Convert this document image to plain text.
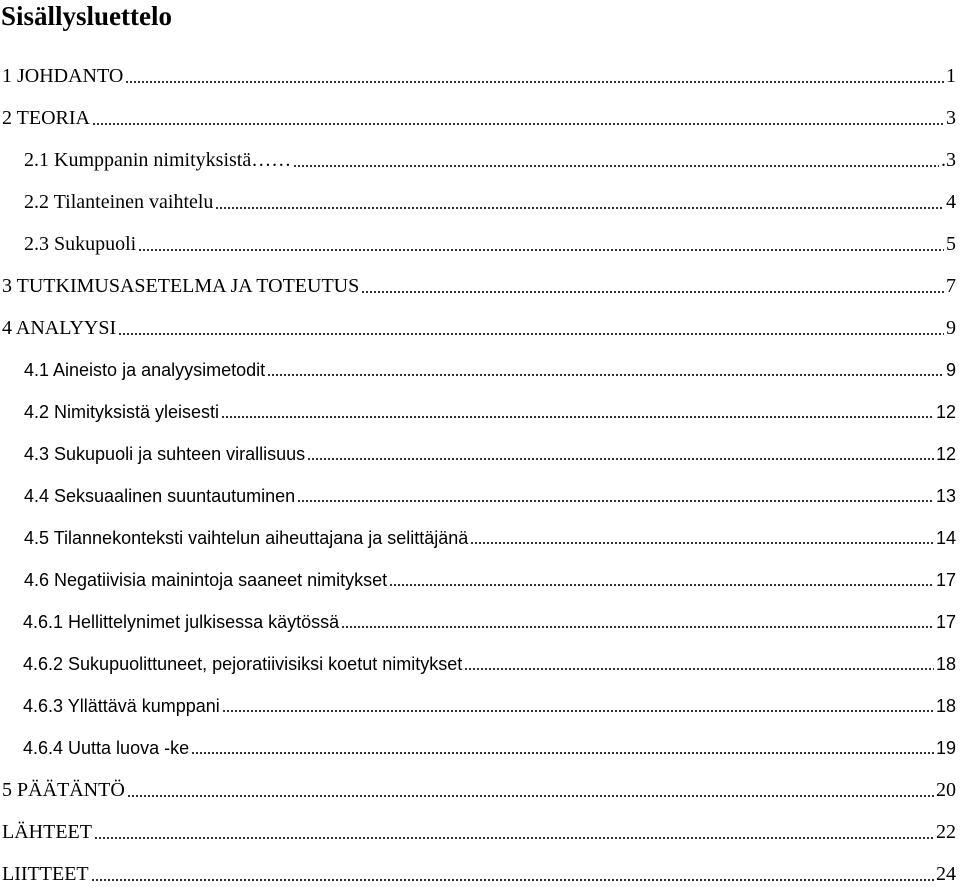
Sisällysluettelo
1 JOHDANTO	1
2 TEORIA	3
2.1 Kumppanin nimityksistä……	.3
2.2 Tilanteinen vaihtelu	4
2.3 Sukupuoli	5
3 TUTKIMUSASETELMA JA TOTEUTUS	7
4 ANALYYSI	9
4.1 Aineisto ja analyysimetodit	9
4.2 Nimityksistä yleisesti	12
4.3 Sukupuoli ja suhteen virallisuus	12
4.4 Seksuaalinen suuntautuminen	13
4.5 Tilannekonteksti vaihtelun aiheuttajana ja selittäjänä	14
4.6 Negatiivisia mainintoja saaneet nimitykset	17
4.6.1 Hellittelynimet julkisessa käytössä	17
4.6.2 Sukupuolittuneet, pejoratiivisiksi koetut nimitykset	18
4.6.3 Yllättävä kumppani	18
4.6.4 Uutta luova -ke	19
5 PÄÄTÄNTÖ	20
LÄHTEET	22
LIITTEET	24
